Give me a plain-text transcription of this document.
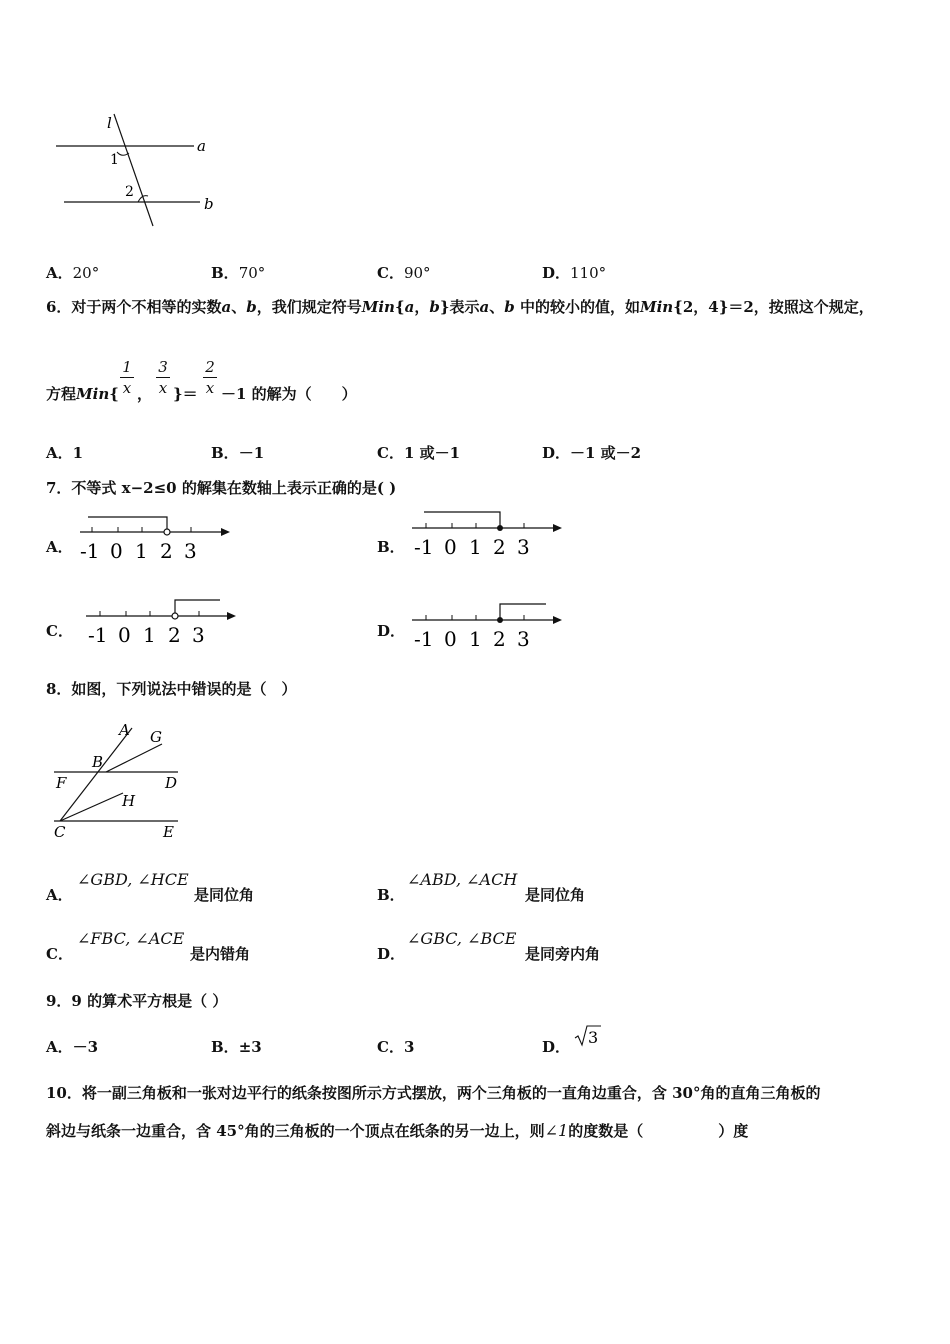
l
a
b
1
2
A．20°	B．70°	C．90°	D．110°
6．对于两个不相等的实数a、b，我们规定符号Min{a，b}表示a、b 中的较小的值，如Min{2，4}＝2，按照这个规定，
方程Min{
1
x ，
3
x }＝
2
x －1 的解为（　　）
A．1	B．－1	C．1 或－1	D．－1 或－2
7．不等式 x−2≤0 的解集在数轴上表示正确的是( )
A．	B．
C．	D．
-1 0 1 2 3	-1 0 1 2 3
-1 0 1 2 3	-1 0 1 2 3
8．如图，下列说法中错误的是（　）
A G
B
F	D
H
C	E
A．
∠GBD, ∠HCE
是同位角	B．
∠ABD, ∠ACH
是同位角
C．
∠FBC, ∠ACE
是内错角	D．
∠GBC, ∠BCE
是同旁内角
9．9 的算术平方根是（ ）
A．－3	B．±3	C．3	D． 3
10．将一副三角板和一张对边平行的纸条按图所示方式摆放，两个三角板的一直角边重合，含 30°角的直角三角板的
斜边与纸条一边重合，含 45°角的三角板的一个顶点在纸条的另一边上，则∠1的度数是（　　　　　）度
